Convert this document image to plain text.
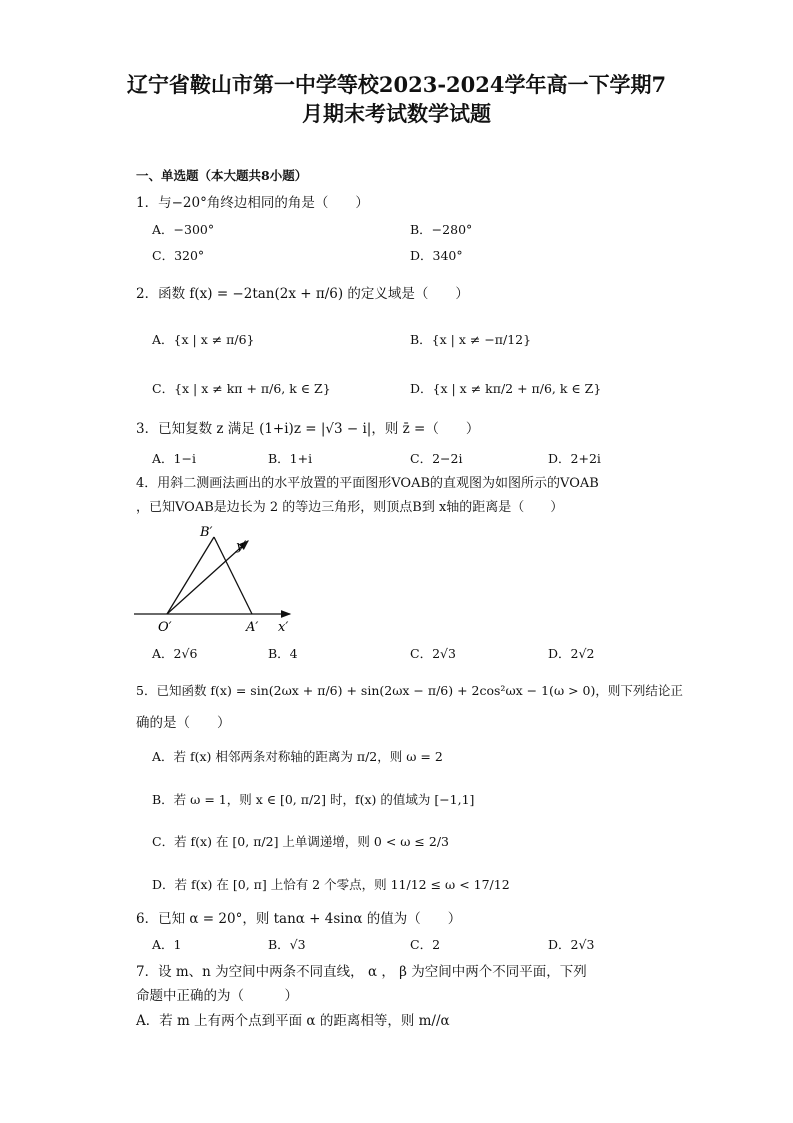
辽宁省鞍山市第一中学等校2023-2024学年高一下学期7
月期末考试数学试题
一、单选题（本大题共8小题）
1．与−20°角终边相同的角是（　　）
A．−300°	B．−280°
C．320°	D．340°
2．函数 f(x) = −2tan(2x + π/6) 的定义域是（　　）
A．{x | x ≠ π/6}	B．{x | x ≠ −π/12}
C．{x | x ≠ kπ + π/6, k ∈ Z}	D．{x | x ≠ kπ/2 + π/6, k ∈ Z}
3．已知复数 z 满足 (1+i)z = |√3 − i|，则 z̄ =（　　）
A．1−i	B．1+i	C．2−2i	D．2+2i
4．用斜二测画法画出的水平放置的平面图形VOAB的直观图为如图所示的VOAB
，已知VOAB是边长为 2 的等边三角形，则顶点B到 x轴的距离是（　　）
B′
y′
O′	A′ x′
A．2√6	B．4	C．2√3	D．2√2
5．已知函数 f(x) = sin(2ωx + π/6) + sin(2ωx − π/6) + 2cos²ωx − 1(ω > 0)，则下列结论正
确的是（　　）
A．若 f(x) 相邻两条对称轴的距离为 π/2，则 ω = 2
B．若 ω = 1，则 x ∈ [0, π/2] 时，f(x) 的值域为 [−1,1]
C．若 f(x) 在 [0, π/2] 上单调递增，则 0 < ω ≤ 2/3
D．若 f(x) 在 [0, π] 上恰有 2 个零点，则 11/12 ≤ ω < 17/12
6．已知 α = 20°，则 tanα + 4sinα 的值为（　　）
A．1	B．√3	C．2	D．2√3
7．设 m、n 为空间中两条不同直线， α ， β 为空间中两个不同平面，下列
命题中正确的为（　　　）
A．若 m 上有两个点到平面 α 的距离相等，则 m//α
